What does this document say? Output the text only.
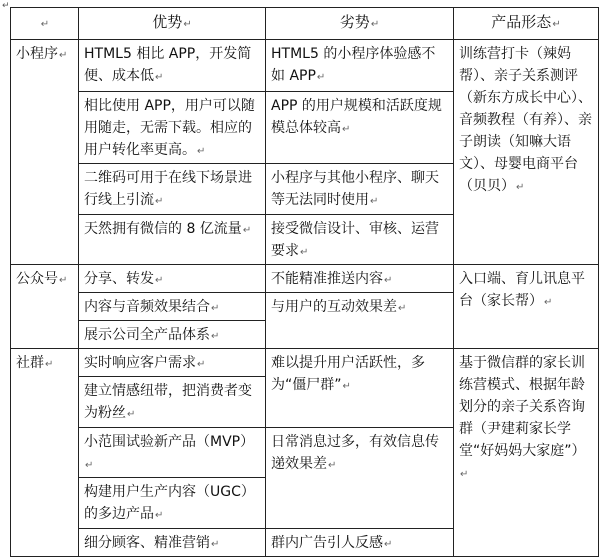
↵
↵	优势↵	劣势↵	产品形态↵
小程序↵	HTML5 相比 APP，开发简便、成本低↵	HTML5 的小程序体验感不如 APP↵	训练营打卡（辣妈帮）、亲子关系测评（新东方成长中心）、音频教程（有养）、亲子朗读（知嘛大语文）、母婴电商平台（贝贝）↵
	相比使用 APP，用户可以随用随走，无需下载。相应的用户转化率更高。↵	APP 的用户规模和活跃度规模总体较高↵	
	二维码可用于在线下场景进行线上引流↵	小程序与其他小程序、聊天等无法同时使用↵	
	天然拥有微信的 8 亿流量↵	接受微信设计、审核、运营要求↵	
公众号↵	分享、转发↵	不能精准推送内容↵	入口端、育儿讯息平台（家长帮）↵
	内容与音频效果结合↵	与用户的互动效果差↵	
	展示公司全产品体系↵		
社群↵	实时响应客户需求↵	难以提升用户活跃性，多为“僵尸群”↵	基于微信群的家长训练营模式、根据年龄划分的亲子关系咨询群（尹建莉家长学堂“好妈妈大家庭”）↵
	建立情感纽带，把消费者变为粉丝↵		
	小范围试验新产品（MVP）↵	日常消息过多，有效信息传递效果差↵	
	构建用户生产内容（UGC）的多边产品↵		
	细分顾客、精准营销↵	群内广告引人反感↵	
